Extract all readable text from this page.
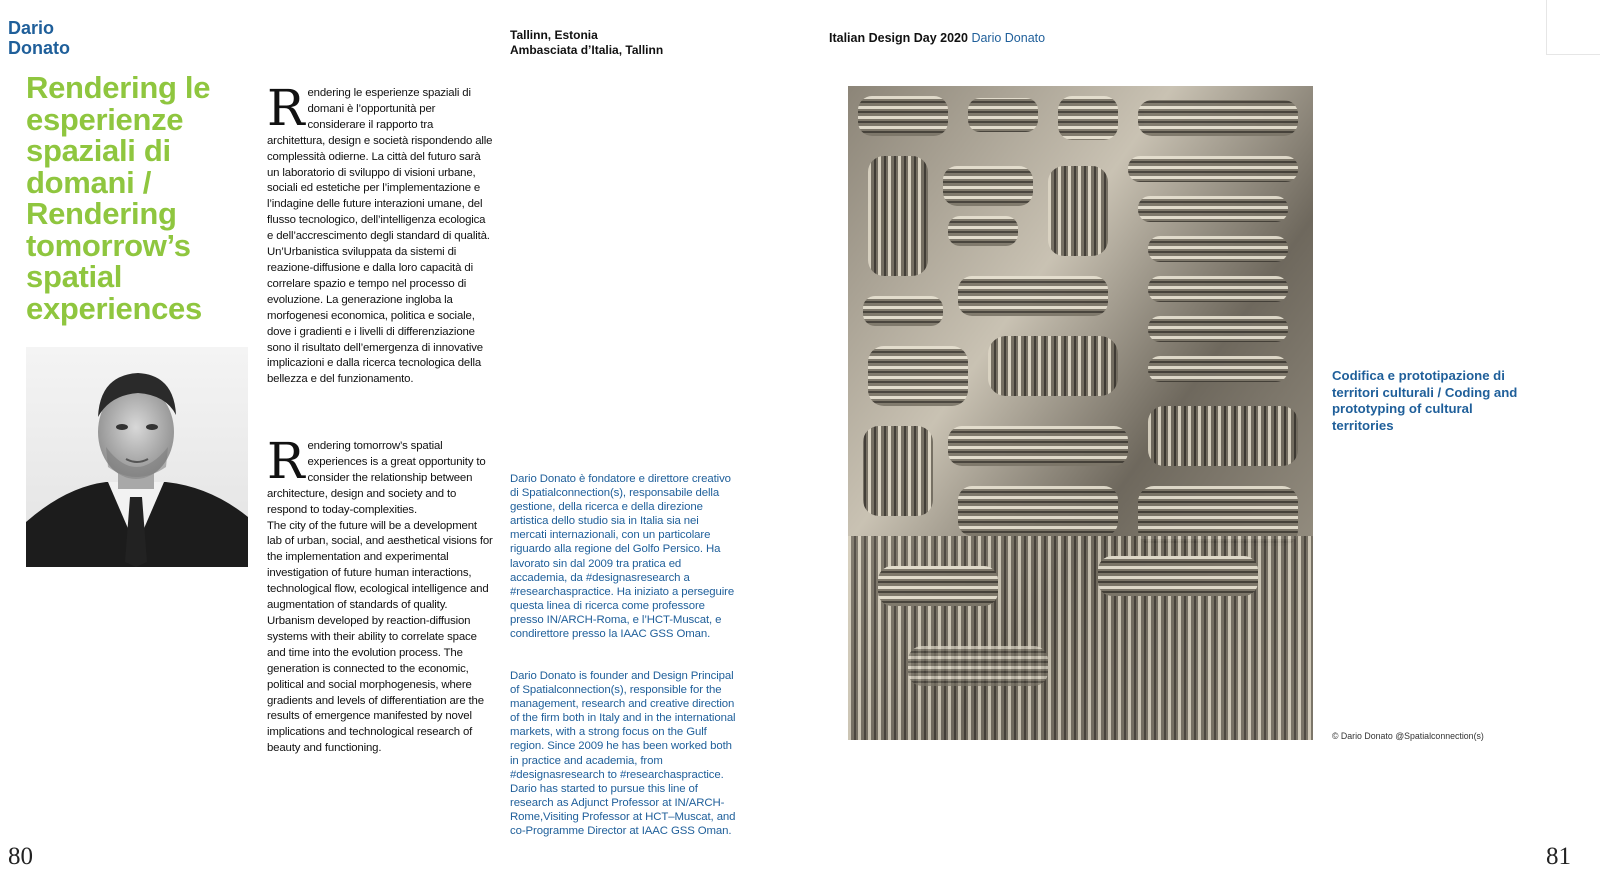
Dario Donato
Rendering le esperienze spaziali di domani / Rendering tomorrow’s spatial experiences
Rendering le esperienze spaziali di domani è l’opportunità per considerare il rapporto tra architettura, design e società rispondendo alle complessità odierne. La città del futuro sarà un laboratorio di sviluppo di visioni urbane, sociali ed estetiche per l’implementazione e l’indagine delle future interazioni umane, del flusso tecnologico, dell’intelligenza ecologica e dell’accrescimento degli standard di qualità. Un’Urbanistica sviluppata da sistemi di reazione-diffusione e dalla loro capacità di correlare spazio e tempo nel processo di evoluzione. La generazione ingloba la morfogenesi economica, politica e sociale, dove i gradienti e i livelli di differenziazione sono il risultato dell’emergenza di innovative implicazioni e dalla ricerca tecnologica della bellezza e del funzionamento.
Rendering tomorrow’s spatial experiences is a great opportunity to consider the relationship between architecture, design and society and to respond to today-complexities.
The city of the future will be a development lab of urban, social, and aesthetical visions for the implementation and experimental investigation of future human interactions, technological flow, ecological intelligence and augmentation of standards of quality. Urbanism developed by reaction-diffusion systems with their ability to correlate space and time into the evolution process. The generation is connected to the economic, political and social morphogenesis, where gradients and levels of differentiation are the results of emergence manifested by novel implications and technological research of beauty and functioning.
Tallinn, Estonia
Ambasciata d’Italia, Tallinn
Dario Donato è fondatore e direttore creativo di Spatialconnection(s), responsabile della gestione, della ricerca e della direzione artistica dello studio sia in Italia sia nei mercati internazionali, con un particolare riguardo alla regione del Golfo Persico. Ha lavorato sin dal 2009 tra pratica ed accademia, da #designasresearch a #researchaspractice. Ha iniziato a perseguire questa linea di ricerca come professore presso IN/ARCH-Roma, e l’HCT-Muscat, e condirettore presso la IAAC GSS Oman.
Dario Donato is founder and Design Principal of Spatialconnection(s), responsible for the management, research and creative direction of the firm both in Italy and in the international markets, with a strong focus on the Gulf region. Since 2009 he has been worked both in practice and academia, from #designasresearch to #researchaspractice. Dario has started to pursue this line of research as Adjunct Professor at IN/ARCH-Rome,Visiting Professor at HCT–Muscat, and co-Programme Director at IAAC GSS Oman.
80
Italian Design Day 2020 Dario Donato
Codifica e prototipazione di territori culturali / Coding and prototyping of cultural territories
© Dario Donato @Spatialconnection(s)
81
